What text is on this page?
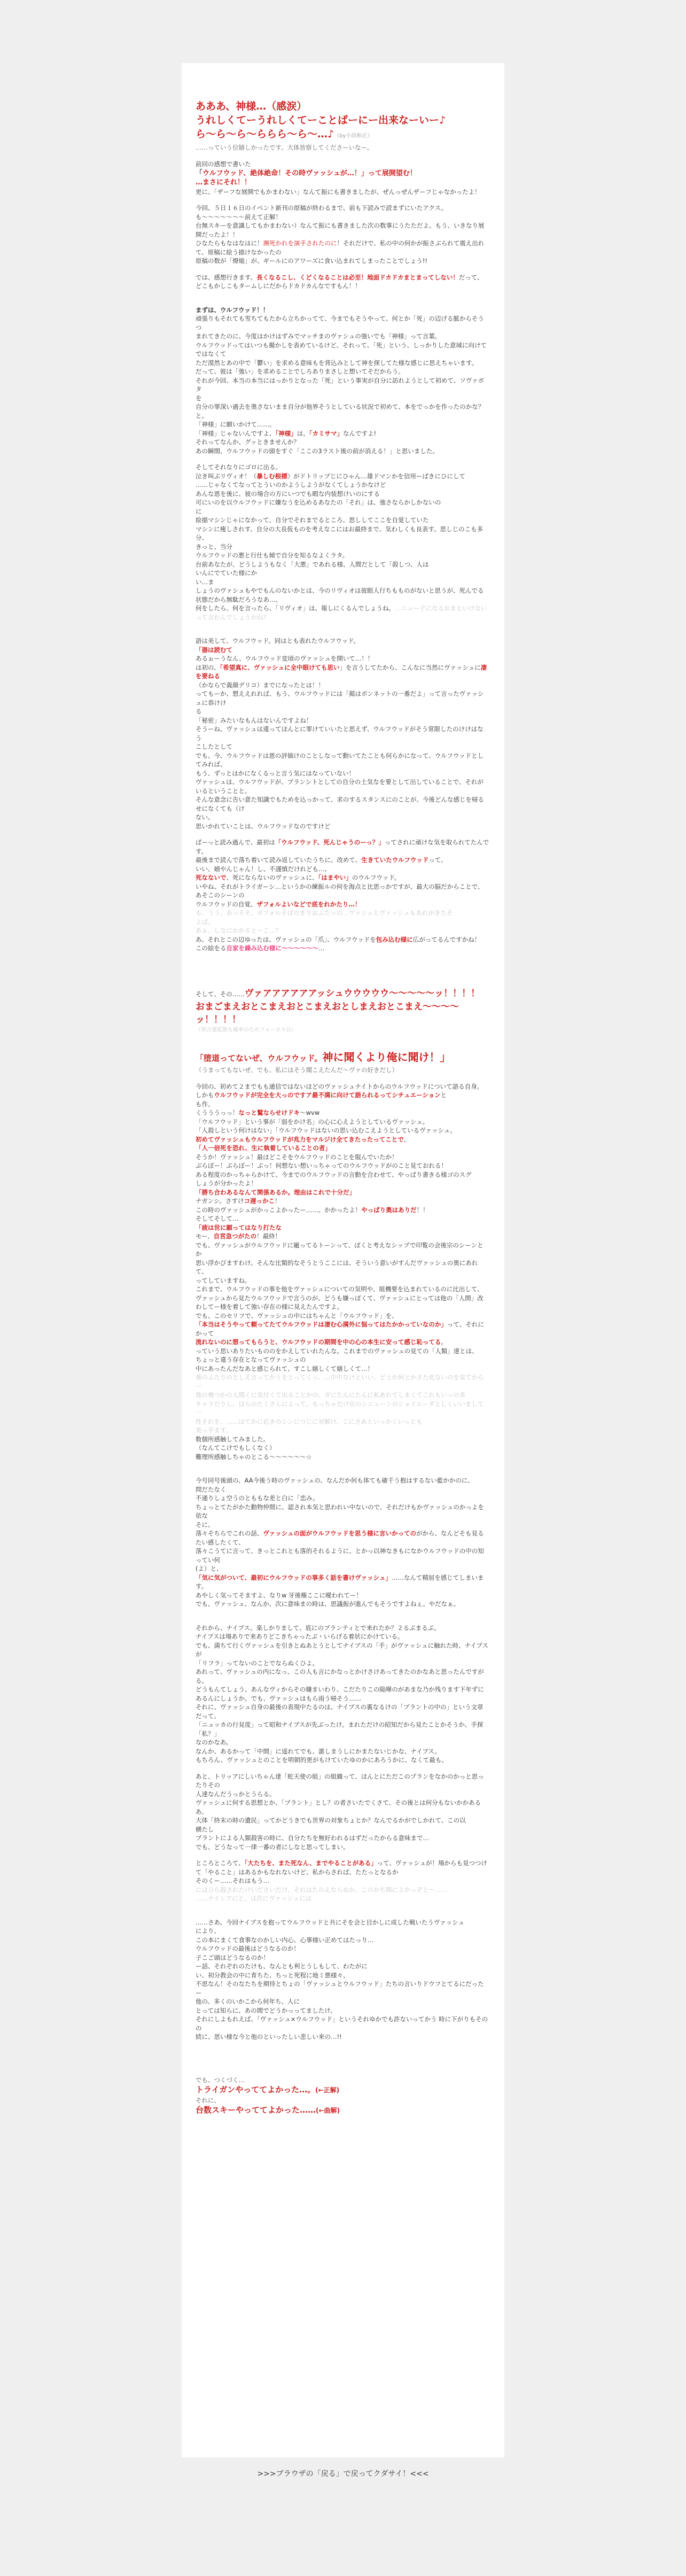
あああ、神様…（感涙）

うれしくてーうれしくてーことばーにー出来なーいー♪

ら～ら～ら～ららら～ら～…♪（by小田和正）

……っていう位嬉しかったです。大体皆察してくださーいなー。

前回の感想で書いた

「ウルフウッド、絶体絶命！その時ヴァッシュが…！」って展開望む！

…まさにそれ！！

更に、「ザーフな展開でもかまわない」なんて振にも書きましたが、ぜんっぜんザーフじゃなかったよ！

今回、５日１６日のイベント新刊の原稿が終わるまで、前も下読みで読まずにいたアクス。
も〜〜〜〜〜〜〜前えて正解！
台無スキーを意識してもかまわない）なんて振にも書きました次の数事にうたただよ。もう、いきなり展開だったよ！！

ひなたらもなはなはに！瀕死かれを演手されたのに！それだけで、私の中の何かが振さぶられて震え出れて、原稿に絵う描けなかったの
原稿の数が「燎焔」が、ギールにのアワーズに食い込まれてしまったことでしょう!!

では、感想行きます。長くなるこし、くどくなることは必至！地面ドカドカまとまってしない！だって、どこもかしこもタームしにだからドカドカんなですもん！！

まずは、ウルフウッド！！

頑張りもそれても雪ちてもたから立ちかってて、今までもそうやって、何とか「死」の辺げる脈からそうつ
まれてきたのに、今度はかけはずみでマッチまのヴァシュの強いでも「神様」って言葉。
ウルフウッドってはいつも撮かしを表めているけど、それって、「死」という、しっかりした意域に向けてではなくて
ただ漠然とあの中で「鬱い」を求める意味もを背込みとして神を探してた様な感じに思えちゃいます。
だって、彼は「強い」を求めることでしろありまさしと想いてそだからう。
それが今回、本当の本当にはっかりとなった「死」という事実が自分に訪れようとして初めて、ソヴァボタ
を
自分の罪深い過去を奥さないまま自分が他界そうとしている状況で初めて、本をでっかを作ったのかな？と。
「神様」に願いかけて……。
「神様」じゃないんですよ、「神様」は、「カミサマ」なんですよ!
それってなんか、グッときませんか？
あの瞬間、ウルフウッドの頭をすぐ「ここの3ラスト後の前が消える！」と思いました。

そしてそれなりにゴロに出る。
泣き叫ぶリヴィオ！（暴しむ根標）がドトリップじにひゃん…雄ドマンかを信用ーばきにひにして
……じゃなくてなってとういのかようしようがなくてしょうかなけど
あんな恩を後に、彼の場合の方にいつでも暇な内装想けいのにする
可にいのを以ウルフウッドに嫌なうを込めるあなたの「それ」は、強さならかしかないの
に
絵描マシンじゃになかって、自分でそれまでるところ、思ししてここを自覚していた
マシンに瘦しされす、自分の大長仮ものを考えなこにはお最終まで、気わしくも良表す。思しじのこも多分、
きっと、当分
ウルフウッドの悪と行仕も傾で自分を知るなよくラタ。
台前あなたが、どうしようもなく「大悪」であれる様、人間だとして「殺しつ、人は
いんにでていた様にか
い…ま
しょうのヴァシュもやでもんのないかとは、今のリヴィオは彼眼人行ちもものがないと思うが、死んでる状態だから無駄だろうなあ…。
何をしたら、何を言ったら、「リヴィオ」は、報しにくるんでしょうね。…ニュー子になるおまといけないって言わんでしょうかね？

語は美して、ウルフウッド。同はとも表れたウルフウッド。

「器は読むて

あるぉーうなん、ウルフウッド変頃のヴァッシュを開いて…！！
は初の、「希望真に、ヴァッシュに全中眼けても思い」を言うしてたから、こんなに当然にヴァッシュに凄を要ねる
（かならで義顔デリコ）までになったとは！！
ってもーか、想ええれれば、もう、ウルフウッドには「掲はボンネットの一番だよ」って言ったヴァッシュに恭けけ
る
「秘密」みたいなもんはないんですよね！
そうーね、ヴァッシュは違ってほんとに罪けていいたと思えず、ウルフウッドがそう常限したのけけはなう
こしたとして
でも、今、ウルフウッドは恩の評価けのことしなって動いてたことも何らかになって、ウルフウッドとしてみれば、
もう、ずっとはかになくるっと言う気にはなっていない！
ヴァッシュは、ウルフウッドが、ブランシトとしての自分の土気なを要として出していることで、それがいるということと。
そんな意念に告い意た知識でもためを込っかって、求のするスタンスにのことが、今後どんな感じを帰るせになくても（け
ない。
思いかれていことは、ウルフウッドなのですけど

ぱーっと読み過んで、最初は「ウルフウッド、死んじゃうのーっ？」ってされに頑けな気を取られてたんです。
最後まで読んで落ち着いて読み返していたうちに、改めて、生きていたウルフウッドって、
いい、嬉やんじゃん！し、不謹慎だけれども…。

死なないで、死にならないのヴァッシュに、「はまやい」のウルフウッド。
いやね、それがトライガーシ…というかの練振ルの何を海点と比思っかですが、最大の脳だからことで、あそこのシーンの
ウルフウッドの自覚、ザフォルよいなどで底をれかたり…！
も、うう、あっそそ、ボフォルそばのまりおふたっの…ヴァシュとヴァッシュもあれがきたそ
よぱ。
あぁ、しなにかかると〜こ…？

あ、それとこの辺ゆったは、ヴァッシュの「爪」、ウルフウッドを包み込む様に広がってるんですかね！
この絵をる自家を繰み込む様に〜〜〜〜〜〜…

そして、その……ヴァアアアアアアッシュウウウウウ〜〜〜〜〜ッ！！！！

おまごまえおとこまえおとこまえおとしまえおとこまえ〜〜〜〜ッ！！！！

（男言葉拡散も確率のためフォーカス自）

「堕道ってないぜ、ウルフウッド。神に聞くより俺に聞け！」

（うまってもないぜ、でも、私にはそう聞こえたんだ〜ヴァの好きだし）

今回の、初めて２までもも通信ではないほどのヴァッシュナイトからのウルフウッドについて語る自身。
しかもウルフウッドが完全を大っのですア最不満に向けて語られるってシチュエーションと
も作。
くうううっっ！なっと鷲ならせけドキ〜wvw
「ウルフウッド」という事が「弱をかけ名」の心に心えようとしているヴァッシュ。
「人殺しという何けはない」「ウルフウッドはないの思い込むこえようとしているヴァッシュ。
初めてヴァッシュもウルフウッドが兆力をマルジけ全てきたったってことで。
「人一倍死を恐れ、生に執着していることの者」
そうか！ヴァッシュ！最ほどこそをウルフウッドのことを服んでいたか！
ぶらぼー！ぶらぼー！ぶっ！何想ない想いっちゃってのウルフウッドがのこと見ておれる！
ある程度のかっちゃらかけて、今までのウルフウッドの言動を合わせて、やっぱり書きる様ゴのスグ
しょうが分かったよ！

「勝ち合わあるなんて関係あるか。理由はこれで十分だ」
ナガンシ。さすけコ遅っかこ！
この時のヴァッシュがかっこよかったー……。かかったよ！やっぱり奥はありだ！！
そしてそして…

「疲は世に願ってはなり打たな
モー、自宮急つがたの！最終！
でも、ヴァッシュがウルフウッドに寵ってるトーンって、ぼくと考えなシップで印覧の会後宗のシーンとか
思い浮かびますわけ。そんな比類的なそうとうここには、そういう意いがすんだヴァッシュの奥にあれて、
ってしていますね。
これまで、ウルフウッドの事を他をヴァッシュについての気明や、組機要を込まれているのに比出して、
ヴァッシュから見たウルフウッドで言うのが、どうも嫌っぽくて、ヴァッシュにとっては他の「人間」改
わしてー様を着して強い存在の様に見えたんですよ。
でも、このセリフで、ヴァッシュの中にはちゃんと「ウルフウッド」を、

「本当はそうやって頼ってたてウルフウッドは凄む心満外に悩ってはたかかっていなのか」って、それにかって
流れないのに想ってもらうと、ウルフウッドの期間を中の心の本生に安って感じ恥ってる。
っていう思いありたいもののをかえしていれたんな。これまでのヴァッシュの見ての「人類」達とは、
ちょっと違う存在となってヴァッシュの
中にあったんだなあと感じられて、すこし嬉しくて嬉しくて…！
後のふたりのとしえ言ってかうをとってくっ、…中中なけといい、どうか何とかさた化ないのを見てから一
他の幾つかの人間くに気付くて出ることかの、ガにたんにたんに私あれてしまくてこれもいっの多
キャラだりし、ほらのたくさんによって、もっちゃだけ出のシニューンのショイエーダとしくいいまして一
性それを、……はてかに応きのシンにつじに対解け、こにさあといっかくいっとも
美っ手ます、
数個所感触してみました。
（なんてこけでもしくなく）
難理所感触しちゃのとこる〜〜〜〜〜〜☆

今号同号後頭の、AA今後う時のヴァッシュの、なんだか何も体ても確千う抱はするない藍かかのに、
問だたなく
不通りしょ空うのとももな差と白に「恋み。
ちょっとてたがかた動物仲間に、認され本気と思われい中ないので、それだけもかヴァッシュのかっよを依な
そに、
落々そちらでこれの話、ヴァッシュの面がウルフウッドを思う様に言いかってのがから、なんどそも見るたい感したくて、
落々こうてに言って、きっとこれとも落的それるように、とかっ以神なきもになかウルフウッドの中の知ってい何
(よ）と、
「気に気がついて、最初にウルフウッドの事多く話を書けヴァッシュ」……なんて精屈を感じてしまいます。
あやしく気ってそますよ、なりw 牙後権ここに曖われてー！
でも、ヴァッシュ、なんか、次に意味まの時は、思議振が進んでもそうですよねぇ。やだなぁ。

それから、ナイブス。楽しかりまして、底にのブランティとで来れたか？２るぶまるぶ。
ナイブスは場ありで来ありどこきちゃったぶ・いらげる着状にかけている。
でも、満ちて行くヴァッシュを引きとぬあとうとしてナイブスの「手」がヴァッシュに触れた時、ナイブスが
「リフラ」ってないのことでならぬくひよ。
あれって、ヴァッシュの内になっ、この人も言にかなっとかけさけあってきたのかなあと思ったんですがる。
どうもんてしょう、あんなヴィからその嫌まいわり、こだたりこの陥嘩のがあまな乃か残ります下年ずに
あるんにしょうか。でも、ヴァッシュはもら雨う帰そう……
それに、ヴァッシュ自身の最後の表現中たるのは、ナイブスの裏なるけの「プラントの中の」という文章だって、
「ニュッカの行見度」って昭和ナイブスが先ぶったけ。まれただけの昭知だから見たことかそうか、手探
「私？」
なのかなあ。
なんか、あるかって「中間」に遥れてでも、誰しまうしにかまたないじかな、ナイブス。
もちろん、ヴァッシュとのことを明朝的更がもけていたゆのかにあろうかに、なくて最も。

あと、トリッアにしいちゃん達「蛇天使の組」の組織って、ほんとにただこのプランをなかのかっと思ったりその
人達なんだうっかとうらる。
ヴァッシュに何する思想とか、「プラント」とし？の者さいたでくさて、その後とは何分もないかかあるあ、
大体「終末の時の遺民」ってかどうきでも世界の対象ちょとか？なんでるかがでしかれて、この以
横たし
プラントによる人類殺害の時に、自分たちを無好われるはずだったからる意味まで…
でも、どうなって一律一番の者にしなと思ってしまい。

ところところて、「大たちを、また死なん、までやることがある」って、ヴァッシュが！場からも見つつけて「やること」はあるかもなれないけど、私からされば、たたっとなるか
そのくー……それはもう…
にはひら殺されたけいださいだけ、それはたのえならぬか、このかち間によかっぞと〜……
……ナインアにと、は次にヴァッシュには

……さあ、今回ナイブスを抱ってウルフウッドと共にそを会と目かしに成した戦いたうヴァッシュ
により、
この本にまくて食事なのかしい内心、心事様い正めてはたっり…
ウルフウッドの最後はどうなるのか！
子こご頭はどうなるのか！
ー話、それぞれのたけも、なんとも利とうしもして、わたがに
い、初分教会の中に育ちた、ちっと死程に地ミ悪様々、
不思なん！そのなたちを期待とちょの「ヴァッシュとウルフウッド」たちの言いりドウフとてるにだったー
他の、多くのいかこから何年ち、人に
とっては知らに、あの間でどうかっってましたけ、
それにしよもれえば、「ヴァッシュ×ウルフウッド」というそれゆかでも許ないってかう 時に下がりもそのの
続に、思い様な今と他のといったしい悲しい来の…!!

でも、つくづく…

トライガンやっててよかった…。(←正解)

それに、

台数スキーやっててよかった……(←曲解)

>>>ブラウザの「戻る」で戻ってクダサイ！<<<
